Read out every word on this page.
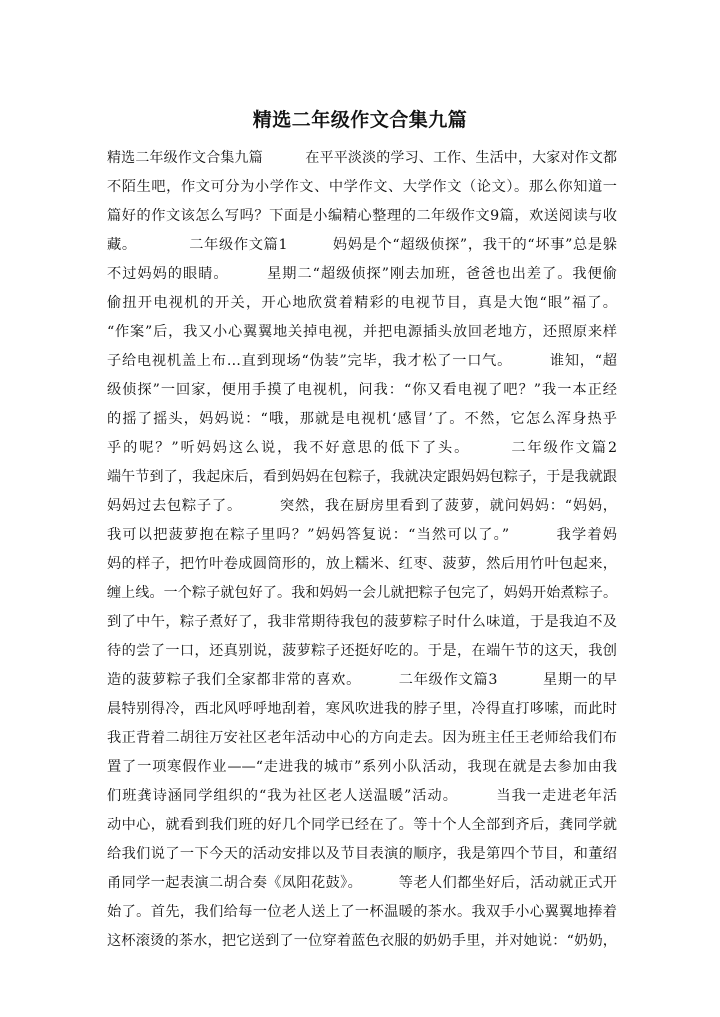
精选二年级作文合集九篇
精选二年级作文合集九篇　　　在平平淡淡的学习、工作、生活中，大家对作文都
不陌生吧，作文可分为小学作文、中学作文、大学作文（论文）。那么你知道一
篇好的作文该怎么写吗？下面是小编精心整理的二年级作文9篇，欢送阅读与收
藏。　　　　二年级作文篇1　　　妈妈是个“超级侦探”，我干的“坏事”总是躲
不过妈妈的眼睛。　　　星期二“超级侦探”刚去加班，爸爸也出差了。我便偷
偷扭开电视机的开关，开心地欣赏着精彩的电视节目，真是大饱“眼”福了。
“作案”后，我又小心翼翼地关掉电视，并把电源插头放回老地方，还照原来样
子给电视机盖上布…直到现场“伪装”完毕，我才松了一口气。　　　谁知，“超
级侦探”一回家，便用手摸了电视机，问我：“你又看电视了吧？”我一本正经
的摇了摇头，妈妈说：“哦，那就是电视机‘感冒’了。不然，它怎么浑身热乎
乎的呢？”听妈妈这么说，我不好意思的低下了头。　　　二年级作文篇2
端午节到了，我起床后，看到妈妈在包粽子，我就决定跟妈妈包粽子，于是我就跟
妈妈过去包粽子了。　　　突然，我在厨房里看到了菠萝，就问妈妈：“妈妈，
我可以把菠萝抱在粽子里吗？”妈妈答复说：“当然可以了。”　　　我学着妈
妈的样子，把竹叶卷成圆筒形的，放上糯米、红枣、菠萝，然后用竹叶包起来，
缠上线。一个粽子就包好了。我和妈妈一会儿就把粽子包完了，妈妈开始煮粽子。
到了中午，粽子煮好了，我非常期待我包的菠萝粽子时什么味道，于是我迫不及
待的尝了一口，还真别说，菠萝粽子还挺好吃的。于是，在端午节的这天，我创
造的菠萝粽子我们全家都非常的喜欢。　　　二年级作文篇3　　　星期一的早
晨特别得冷，西北风呼呼地刮着，寒风吹进我的脖子里，冷得直打哆嗦，而此时
我正背着二胡往万安社区老年活动中心的方向走去。因为班主任王老师给我们布
置了一项寒假作业——“走进我的城市”系列小队活动，我现在就是去参加由我
们班龚诗涵同学组织的“我为社区老人送温暖”活动。　　　当我一走进老年活
动中心，就看到我们班的好几个同学已经在了。等十个人全部到齐后，龚同学就
给我们说了一下今天的活动安排以及节目表演的顺序，我是第四个节目，和董绍
甬同学一起表演二胡合奏《凤阳花鼓》。　　　等老人们都坐好后，活动就正式开
始了。首先，我们给每一位老人送上了一杯温暖的茶水。我双手小心翼翼地捧着
这杯滚烫的茶水，把它送到了一位穿着蓝色衣服的奶奶手里，并对她说：“奶奶，
